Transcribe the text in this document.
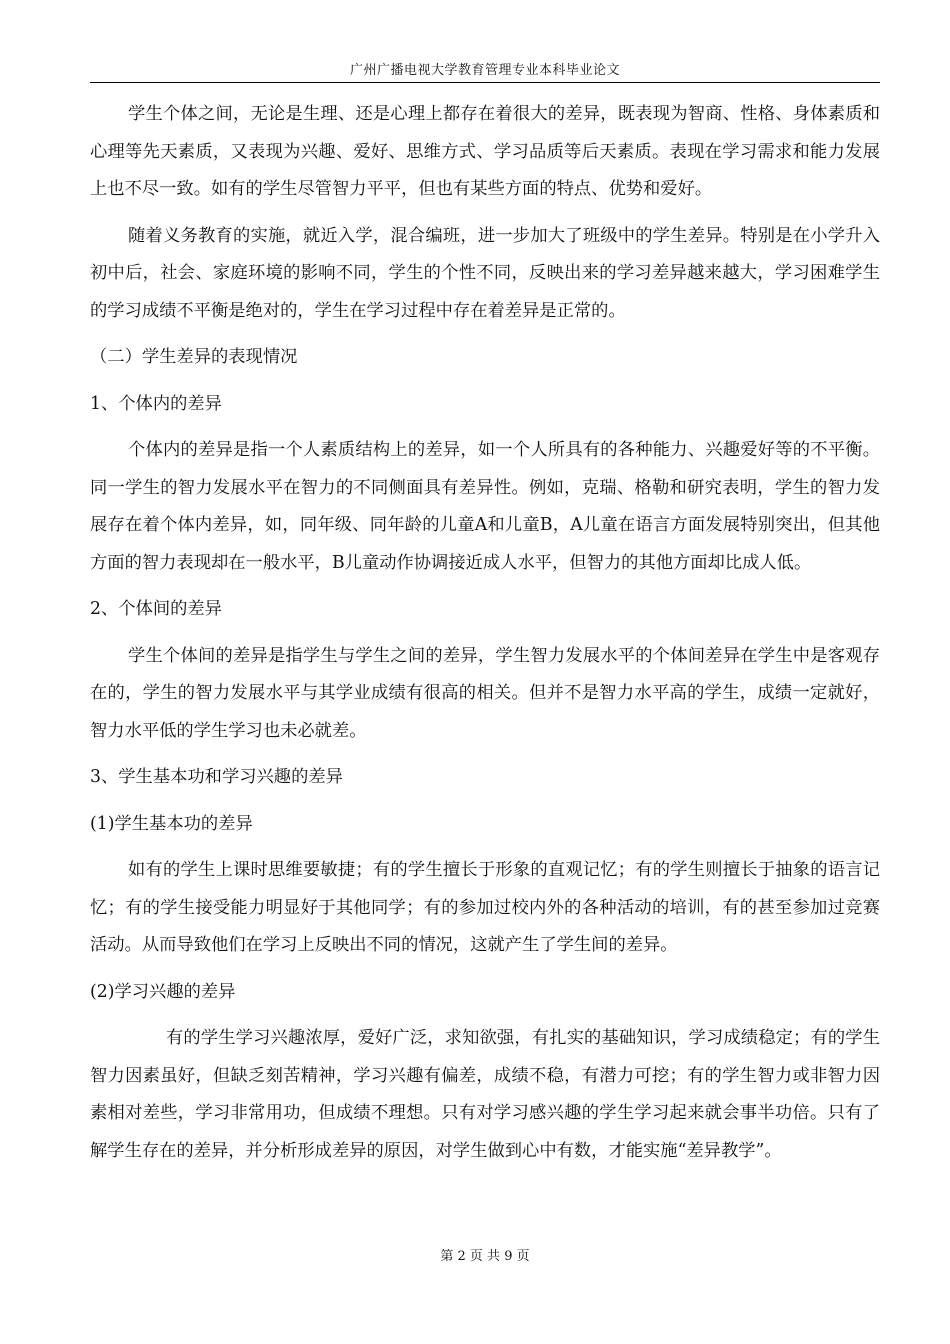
广州广播电视大学教育管理专业本科毕业论文

学生个体之间，无论是生理、还是心理上都存在着很大的差异，既表现为智商、性格、身体素质和心理等先天素质，又表现为兴趣、爱好、思维方式、学习品质等后天素质。表现在学习需求和能力发展上也不尽一致。如有的学生尽管智力平平，但也有某些方面的特点、优势和爱好。

随着义务教育的实施，就近入学，混合编班，进一步加大了班级中的学生差异。特别是在小学升入初中后，社会、家庭环境的影响不同，学生的个性不同，反映出来的学习差异越来越大，学习困难学生的学习成绩不平衡是绝对的，学生在学习过程中存在着差异是正常的。

（二）学生差异的表现情况

1、个体内的差异

个体内的差异是指一个人素质结构上的差异，如一个人所具有的各种能力、兴趣爱好等的不平衡。同一学生的智力发展水平在智力的不同侧面具有差异性。例如，克瑞、格勒和研究表明，学生的智力发展存在着个体内差异，如，同年级、同年龄的儿童A和儿童B，A儿童在语言方面发展特别突出，但其他方面的智力表现却在一般水平，B儿童动作协调接近成人水平，但智力的其他方面却比成人低。

2、个体间的差异

学生个体间的差异是指学生与学生之间的差异，学生智力发展水平的个体间差异在学生中是客观存在的，学生的智力发展水平与其学业成绩有很高的相关。但并不是智力水平高的学生，成绩一定就好，智力水平低的学生学习也未必就差。

3、学生基本功和学习兴趣的差异

(1)学生基本功的差异

如有的学生上课时思维要敏捷；有的学生擅长于形象的直观记忆；有的学生则擅长于抽象的语言记忆；有的学生接受能力明显好于其他同学；有的参加过校内外的各种活动的培训，有的甚至参加过竞赛活动。从而导致他们在学习上反映出不同的情况，这就产生了学生间的差异。

(2)学习兴趣的差异

有的学生学习兴趣浓厚，爱好广泛，求知欲强，有扎实的基础知识，学习成绩稳定；有的学生智力因素虽好，但缺乏刻苦精神，学习兴趣有偏差，成绩不稳，有潜力可挖；有的学生智力或非智力因素相对差些，学习非常用功，但成绩不理想。只有对学习感兴趣的学生学习起来就会事半功倍。只有了解学生存在的差异，并分析形成差异的原因，对学生做到心中有数，才能实施“差异教学”。

第 2 页 共 9 页
